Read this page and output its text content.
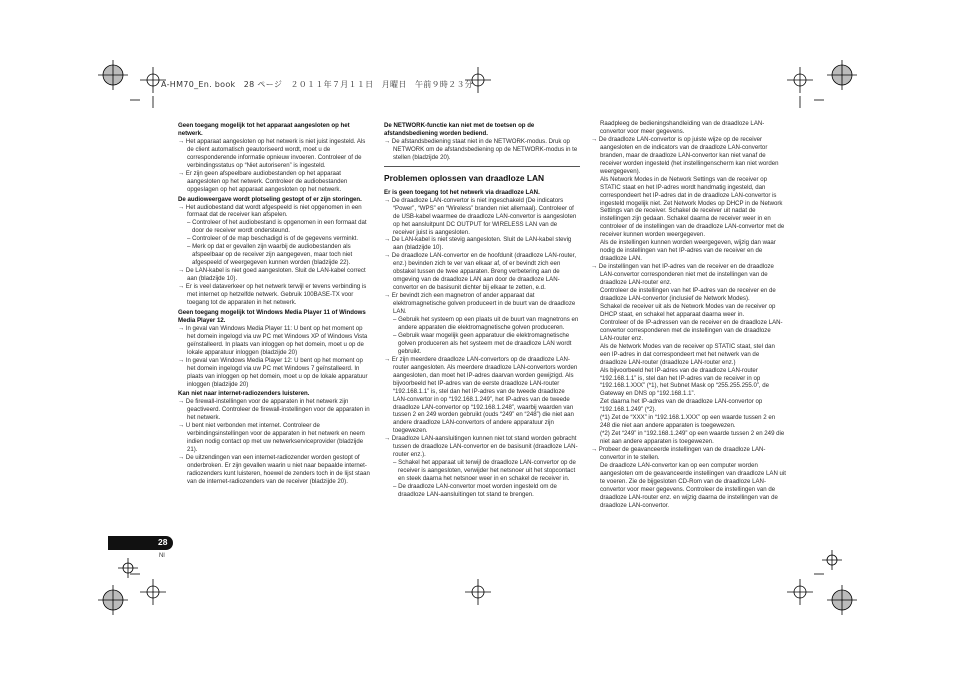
A-HM70_En. book　28 ページ　２０１１年７月１１日　月曜日　午前９時２３分

Geen toegang mogelijk tot het apparaat aangesloten op het netwerk.

→ Het apparaat aangesloten op het netwerk is niet juist ingesteld. Als de client automatisch geautoriseerd wordt, moet u de corresponderende informatie opnieuw invoeren. Controleer of de verbindingsstatus op “Niet autoriseren” is ingesteld.

→ Er zijn geen afspeelbare audiobestanden op het apparaat aangesloten op het netwerk. Controleer de audiobestanden opgeslagen op het apparaat aangesloten op het netwerk.

De audioweergave wordt plotseling gestopt of er zijn storingen.

→ Het audiobestand dat wordt afgespeeld is niet opgenomen in een formaat dat de receiver kan afspelen.

– Controleer of het audiobestand is opgenomen in een formaat dat door de receiver wordt ondersteund.

– Controleer of de map beschadigd is of de gegevens verminkt.

– Merk op dat er gevallen zijn waarbij de audiobestanden als afspeelbaar op de receiver zijn aangegeven, maar toch niet afgespeeld of weergegeven kunnen worden (bladzijde 22).

→ De LAN-kabel is niet goed aangesloten. Sluit de LAN-kabel correct aan (bladzijde 10).

→ Er is veel dataverkeer op het netwerk terwijl er tevens verbinding is met internet op hetzelfde netwerk. Gebruik 100BASE-TX voor toegang tot de apparaten in het netwerk.

Geen toegang mogelijk tot Windows Media Player 11 of Windows Media Player 12.

→ In geval van Windows Media Player 11: U bent op het moment op het domein ingelogd via uw PC met Windows XP of Windows Vista geïnstalleerd. In plaats van inloggen op het domein, moet u op de lokale apparatuur inloggen (bladzijde 20)

→ In geval van Windows Media Player 12: U bent op het moment op het domein ingelogd via uw PC met Windows 7 geïnstalleerd. In plaats van inloggen op het domein, moet u op de lokale apparatuur inloggen (bladzijde 20)

Kan niet naar internet-radiozenders luisteren.

→ De firewall-instellingen voor de apparaten in het netwerk zijn geactiveerd. Controleer de firewall-instellingen voor de apparaten in het netwerk.

→ U bent niet verbonden met internet. Controleer de verbindingsinstellingen voor de apparaten in het netwerk en neem indien nodig contact op met uw netwerkserviceprovider (bladzijde 21).

→ De uitzendingen van een internet-radiozender worden gestopt of onderbroken. Er zijn gevallen waarin u niet naar bepaalde internet-radiozenders kunt luisteren, hoewel de zenders toch in de lijst staan van de internet-radiozenders van de receiver (bladzijde 20).

De NETWORK-functie kan niet met de toetsen op de afstandsbediening worden bediend.

→ De afstandsbediening staat niet in de NETWORK-modus. Druk op NETWORK om de afstandsbediening op de NETWORK-modus in te stellen (bladzijde 20).

Problemen oplossen van draadloze LAN

Er is geen toegang tot het netwerk via draadloze LAN.

→ De draadloze LAN-convertor is niet ingeschakeld (De indicators “Power”, “WPS” en “Wireless” branden niet allemaal). Controleer of de USB-kabel waarmee de draadloze LAN-convertor is aangesloten op het aansluitpunt DC OUTPUT for WIRELESS LAN van de receiver juist is aangesloten.

→ De LAN-kabel is niet stevig aangesloten. Sluit de LAN-kabel stevig aan (bladzijde 10).

→ De draadloze LAN-convertor en de hoofdunit (draadloze LAN-router, enz.) bevinden zich te ver van elkaar af, of er bevindt zich een obstakel tussen de twee apparaten. Breng verbetering aan de omgeving van de draadloze LAN aan door de draadloze LAN-convertor en de basisunit dichter bij elkaar te zetten, e.d.

→ Er bevindt zich een magnetron of ander apparaat dat elektromagnetische golven produceert in de buurt van de draadloze LAN.

– Gebruik het systeem op een plaats uit de buurt van magnetrons en andere apparaten die elektromagnetische golven produceren.

– Gebruik waar mogelijk geen apparatuur die elektromagnetische golven produceren als het systeem met de draadloze LAN wordt gebruikt.

→ Er zijn meerdere draadloze LAN-convertors op de draadloze LAN-router aangesloten. Als meerdere draadloze LAN-convertors worden aangesloten, dan moet het IP-adres daarvan worden gewijzigd. Als bijvoorbeeld het IP-adres van de eerste draadloze LAN-router “192.168.1.1” is, stel dan het IP-adres van de tweede draadloze LAN-convertor in op “192.168.1.249”, het IP-adres van de tweede draadloze LAN-convertor op “192.168.1.248”, waarbij waarden van tussen 2 en 249 worden gebruikt (ouds “249” en “248”) die niet aan andere draadloze LAN-convertors of andere apparatuur zijn toegewezen.

→ Draadloze LAN-aansluitingen kunnen niet tot stand worden gebracht tussen de draadloze LAN-convertor en de basisunit (draadloze LAN-router enz.).

– Schakel het apparaat uit terwijl de draadloze LAN-convertor op de receiver is aangesloten, verwijder het netsnoer uit het stopcontact en steek daarna het netsnoer weer in en schakel de receiver in.

– De draadloze LAN-convertor moet worden ingesteld om de draadloze LAN-aansluitingen tot stand te brengen.

Raadpleeg de bedieningshandleiding van de draadloze LAN-convertor voor meer gegevens.

→ De draadloze LAN-convertor is op juiste wijze op de receiver aangesloten en de indicators van de draadloze LAN-convertor branden, maar de draadloze LAN-convertor kan niet vanaf de receiver worden ingesteld (het instellingenscherm kan niet worden weergegeven).

Als Network Modes in de Network Settings van de receiver op STATIC staat en het IP-adres wordt handmatig ingesteld, dan correspondeert het IP-adres dat in de draadloze LAN-convertor is ingesteld mogelijk niet. Zet Network Modes op DHCP in de Network Settings van de receiver. Schakel de receiver uit nadat de instellingen zijn gedaan. Schakel daarna de receiver weer in en controleer of de instellingen van de draadloze LAN-convertor met de receiver kunnen worden weergegeven.

Als de instellingen kunnen worden weergegeven, wijzig dan waar nodig de instellingen van het IP-adres van de receiver en de draadloze LAN.

→ De instellingen van het IP-adres van de receiver en de draadloze LAN-convertor corresponderen niet met de instellingen van de draadloze LAN-router enz.

Controleer de instellingen van het IP-adres van de receiver en de draadloze LAN-convertor (inclusief de Network Modes).

Schakel de receiver uit als de Network Modes van de receiver op DHCP staat, en schakel het apparaat daarna weer in.

Controleer of de IP-adressen van de receiver en de draadloze LAN-convertor corresponderen met de instellingen van de draadloze LAN-router enz.

Als de Network Modes van de receiver op STATIC staat, stel dan een IP-adres in dat correspondeert met het netwerk van de draadloze LAN-router (draadloze LAN-router enz.)

Als bijvoorbeeld het IP-adres van de draadloze LAN-router “192.168.1.1” is, stel dan het IP-adres van de receiver in op “192.168.1.XXX” (*1), het Subnet Mask op “255.255.255.0”, de Gateway en DNS op “192.168.1.1”.

Zet daarna het IP-adres van de draadloze LAN-convertor op “192.168.1.249” (*2).

(*1) Zet de “XXX” in “192.168.1.XXX” op een waarde tussen 2 en 248 die niet aan andere apparaten is toegewezen.

(*2) Zet “249” in “192.168.1.249” op een waarde tussen 2 en 249 die niet aan andere apparaten is toegewezen.

→ Probeer de geavanceerde instellingen van de draadloze LAN-convertor in te stellen.

De draadloze LAN-convertor kan op een computer worden aangesloten om de geavanceerde instellingen van draadloze LAN uit te voeren. Zie de bijgesloten CD-Rom van de draadloze LAN-convertor voor meer gegevens. Controleer de instellingen van de draadloze LAN-router enz. en wijzig daarna de instellingen van de draadloze LAN-convertor.

28
Nl
